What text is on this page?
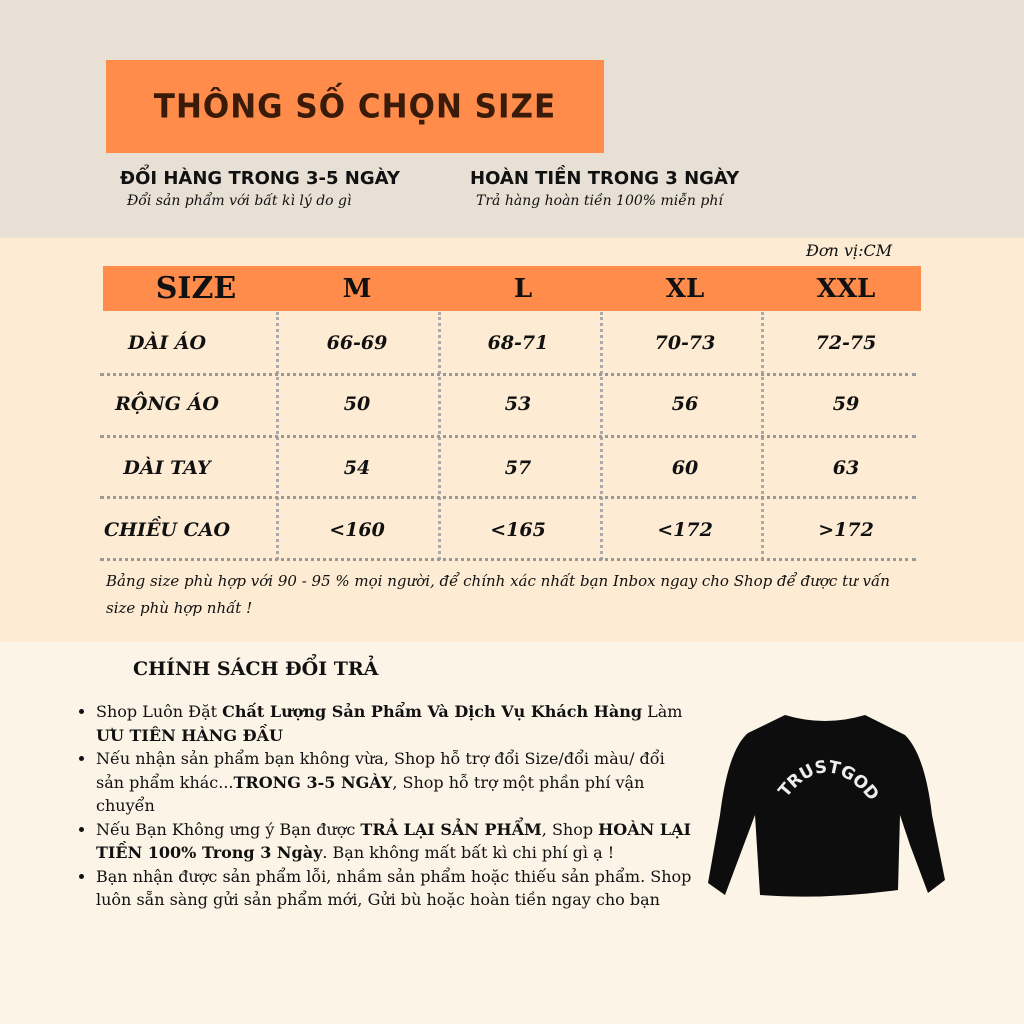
THÔNG SỐ CHỌN SIZE
ĐỔI HÀNG TRONG 3-5 NGÀY
Đổi sản phẩm với bất kì lý do gì
HOÀN TIỀN TRONG 3 NGÀY
Trả hàng hoàn tiền 100% miễn phí
Đơn vị:CM
SIZE	M	L	XL	XXL
DÀI ÁO	66-69	68-71	70-73	72-75
RỘNG ÁO	50	53	56	59
DÀI TAY	54	57	60	63
CHIỀU CAO	<160	<165	<172	>172
Bảng size phù hợp với 90 - 95 % mọi người, để chính xác nhất bạn Inbox ngay cho Shop để được tư vấn size phù hợp nhất !
CHÍNH SÁCH ĐỔI TRẢ
• Shop Luôn Đặt Chất Lượng Sản Phẩm Và Dịch Vụ Khách Hàng Làm ƯU TIÊN HÀNG ĐẦU
• Nếu nhận sản phẩm bạn không vừa, Shop hỗ trợ đổi Size/đổi màu/ đổi sản phẩm khác...TRONG 3-5 NGÀY, Shop hỗ trợ một phần phí vận chuyển
• Nếu Bạn Không ưng ý Bạn được TRẢ LẠI SẢN PHẨM, Shop HOÀN LẠI TIỀN 100% Trong 3 Ngày. Bạn không mất bất kì chi phí gì ạ !
• Bạn nhận được sản phẩm lỗi, nhầm sản phẩm hoặc thiếu sản phẩm. Shop luôn sẵn sàng gửi sản phẩm mới, Gửi bù hoặc hoàn tiền ngay cho bạn
TRUSTGOD
